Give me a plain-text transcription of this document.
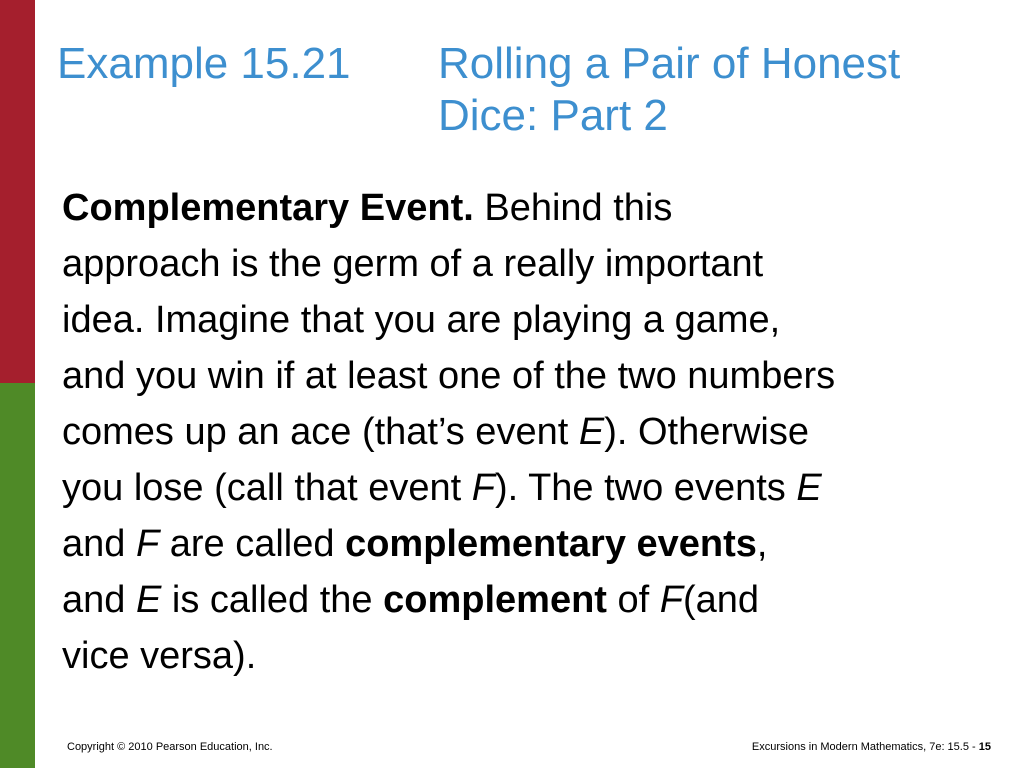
Example 15.21 Rolling a Pair of Honest
Dice: Part 2
Complementary Event. Behind this
approach is the germ of a really important
idea. Imagine that you are playing a game,
and you win if at least one of the two numbers
comes up an ace (that’s event E). Otherwise
you lose (call that event F). The two events E
and F are called complementary events,
and E is called the complement of F(and
vice versa).
Copyright © 2010 Pearson Education, Inc.	Excursions in Modern Mathematics, 7e: 15.5 - 15
